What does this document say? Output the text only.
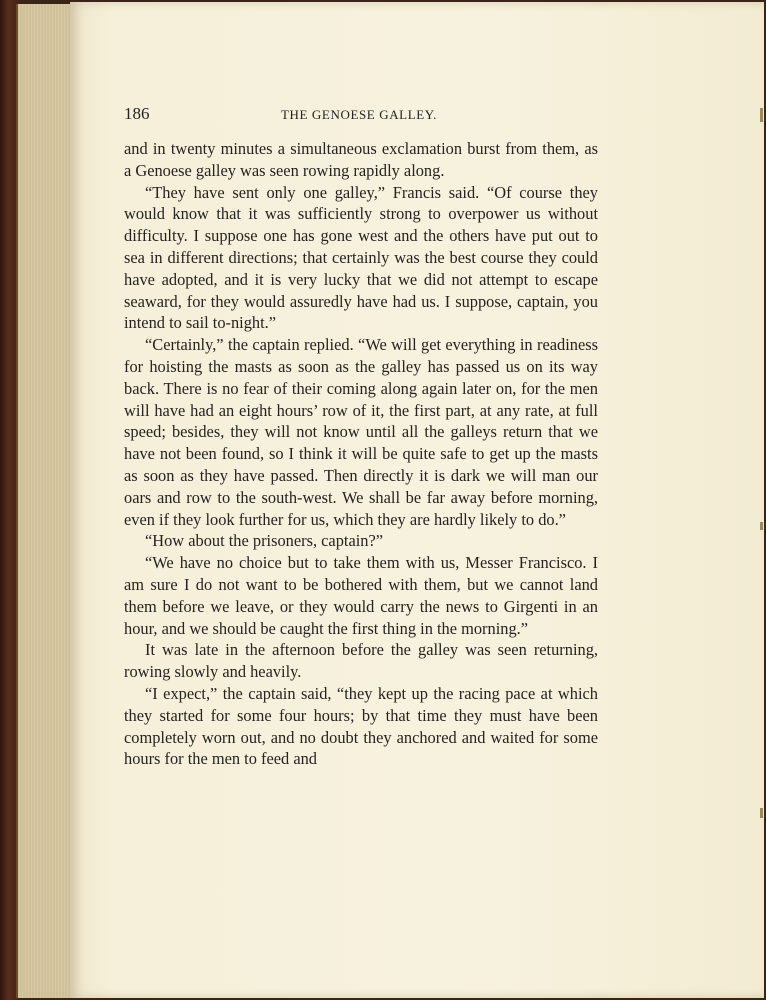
186	THE GENOESE GALLEY.

and in twenty minutes a simultaneous exclamation burst from them, as a Genoese galley was seen rowing rapidly along.

“They have sent only one galley,” Francis said. “Of course they would know that it was sufficiently strong to overpower us without difficulty. I suppose one has gone west and the others have put out to sea in different directions; that certainly was the best course they could have adopted, and it is very lucky that we did not attempt to escape seaward, for they would assuredly have had us. I suppose, captain, you intend to sail to-night.”

“Certainly,” the captain replied. “We will get everything in readiness for hoisting the masts as soon as the galley has passed us on its way back. There is no fear of their coming along again later on, for the men will have had an eight hours’ row of it, the first part, at any rate, at full speed; besides, they will not know until all the galleys return that we have not been found, so I think it will be quite safe to get up the masts as soon as they have passed. Then directly it is dark we will man our oars and row to the south-west. We shall be far away before morning, even if they look further for us, which they are hardly likely to do.”

“How about the prisoners, captain?”

“We have no choice but to take them with us, Messer Francisco. I am sure I do not want to be bothered with them, but we cannot land them before we leave, or they would carry the news to Girgenti in an hour, and we should be caught the first thing in the morning.”

It was late in the afternoon before the galley was seen returning, rowing slowly and heavily.

“I expect,” the captain said, “they kept up the racing pace at which they started for some four hours; by that time they must have been completely worn out, and no doubt they anchored and waited for some hours for the men to feed and
